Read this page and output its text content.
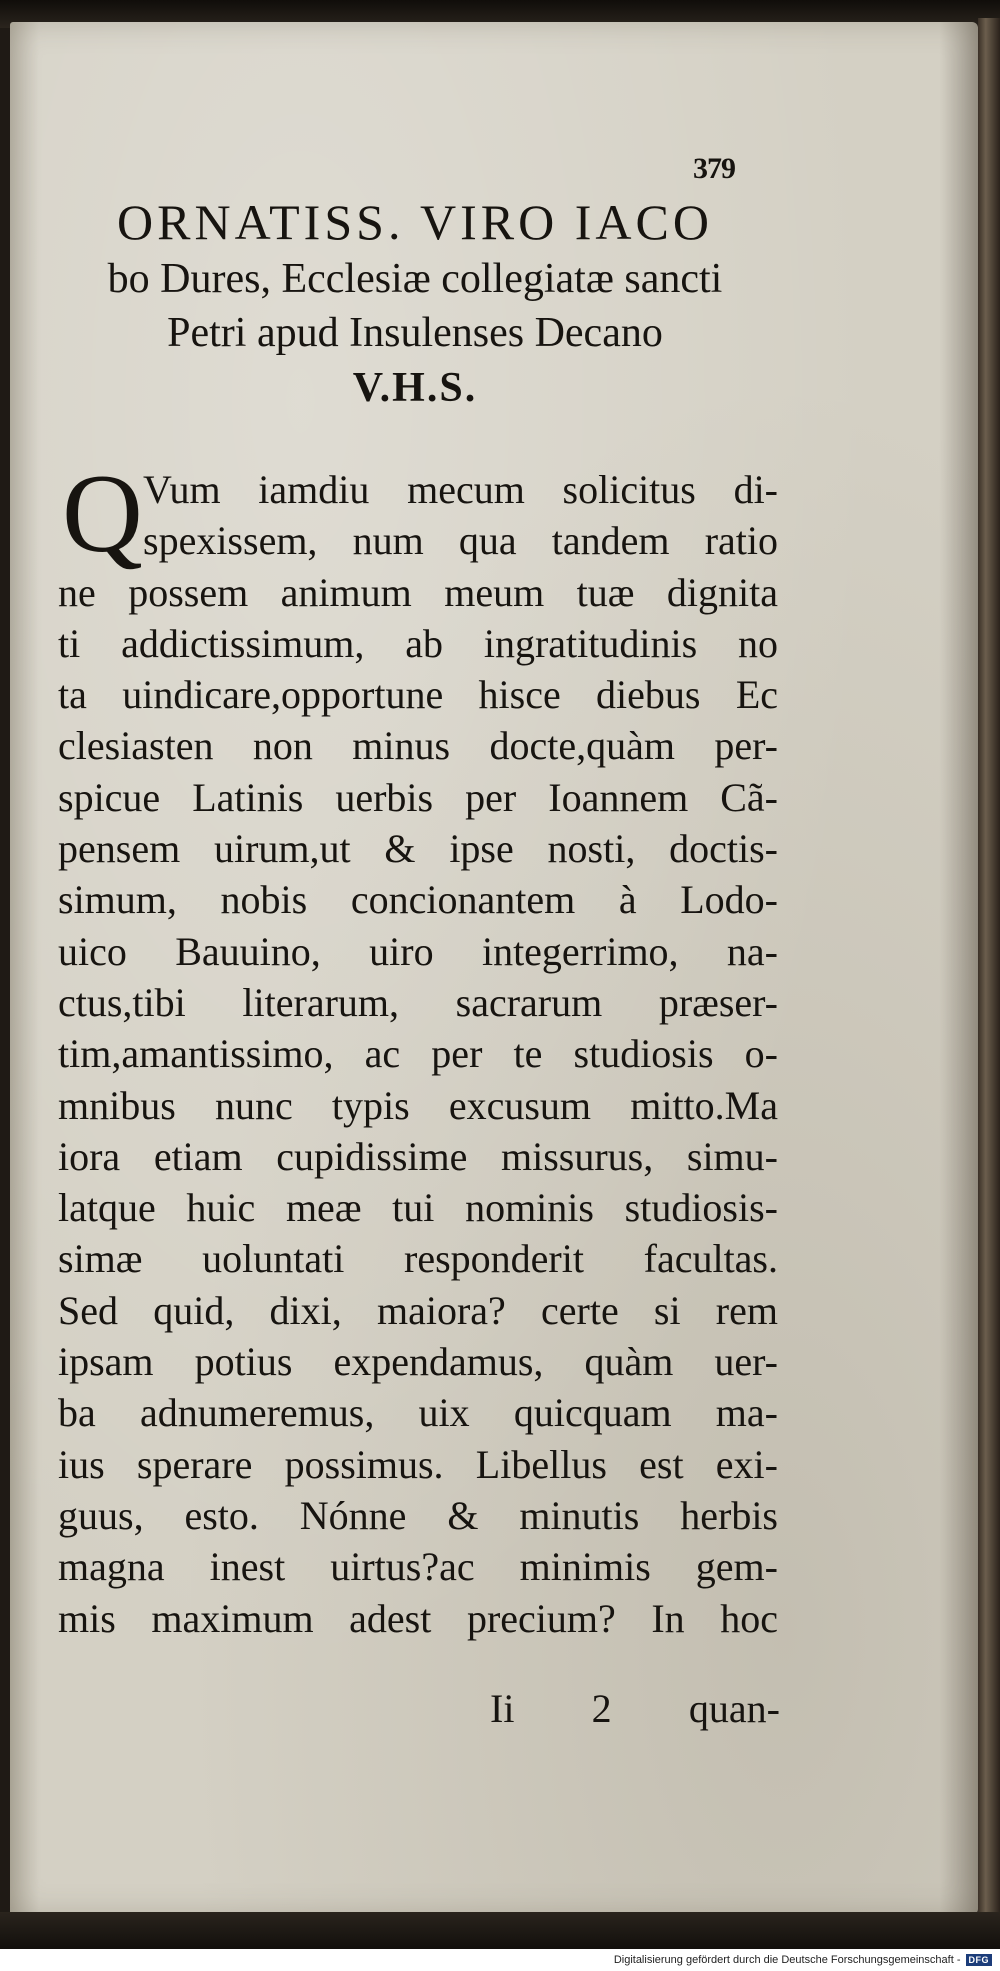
379
ORNATISS. VIRO IACO
bo Dures, Ecclesiæ collegiatæ sancti
Petri apud Insulenses Decano
V.H.S.
Q Vum iamdiu mecum solicitus di-
spexissem, num qua tandem ratio
ne possem animum meum tuæ dignita
ti addictissimum, ab ingratitudinis no
ta uindicare,opportune hisce diebus Ec
clesiasten non minus docte,quàm per-
spicue Latinis uerbis per Ioannem Cã-
pensem uirum,ut & ipse nosti, doctis-
simum, nobis concionantem à Lodo-
uico Bauuino, uiro integerrimo, na-
ctus,tibi literarum, sacrarum præser-
tim,amantissimo, ac per te studiosis o-
mnibus nunc typis excusum mitto.Ma
iora etiam cupidissime missurus, simu-
latque huic meæ tui nominis studiosis-
simæ uoluntati responderit facultas.
Sed quid, dixi, maiora? certe si rem
ipsam potius expendamus, quàm uer-
ba adnumeremus, uix quicquam ma-
ius sperare possimus. Libellus est exi-
guus, esto. Nónne & minutis herbis
magna inest uirtus?ac minimis gem-
mis maximum adest precium? In hoc
Ii 2 quan-
Digitalisierung gefördert durch die Deutsche Forschungsgemeinschaft - DFG
